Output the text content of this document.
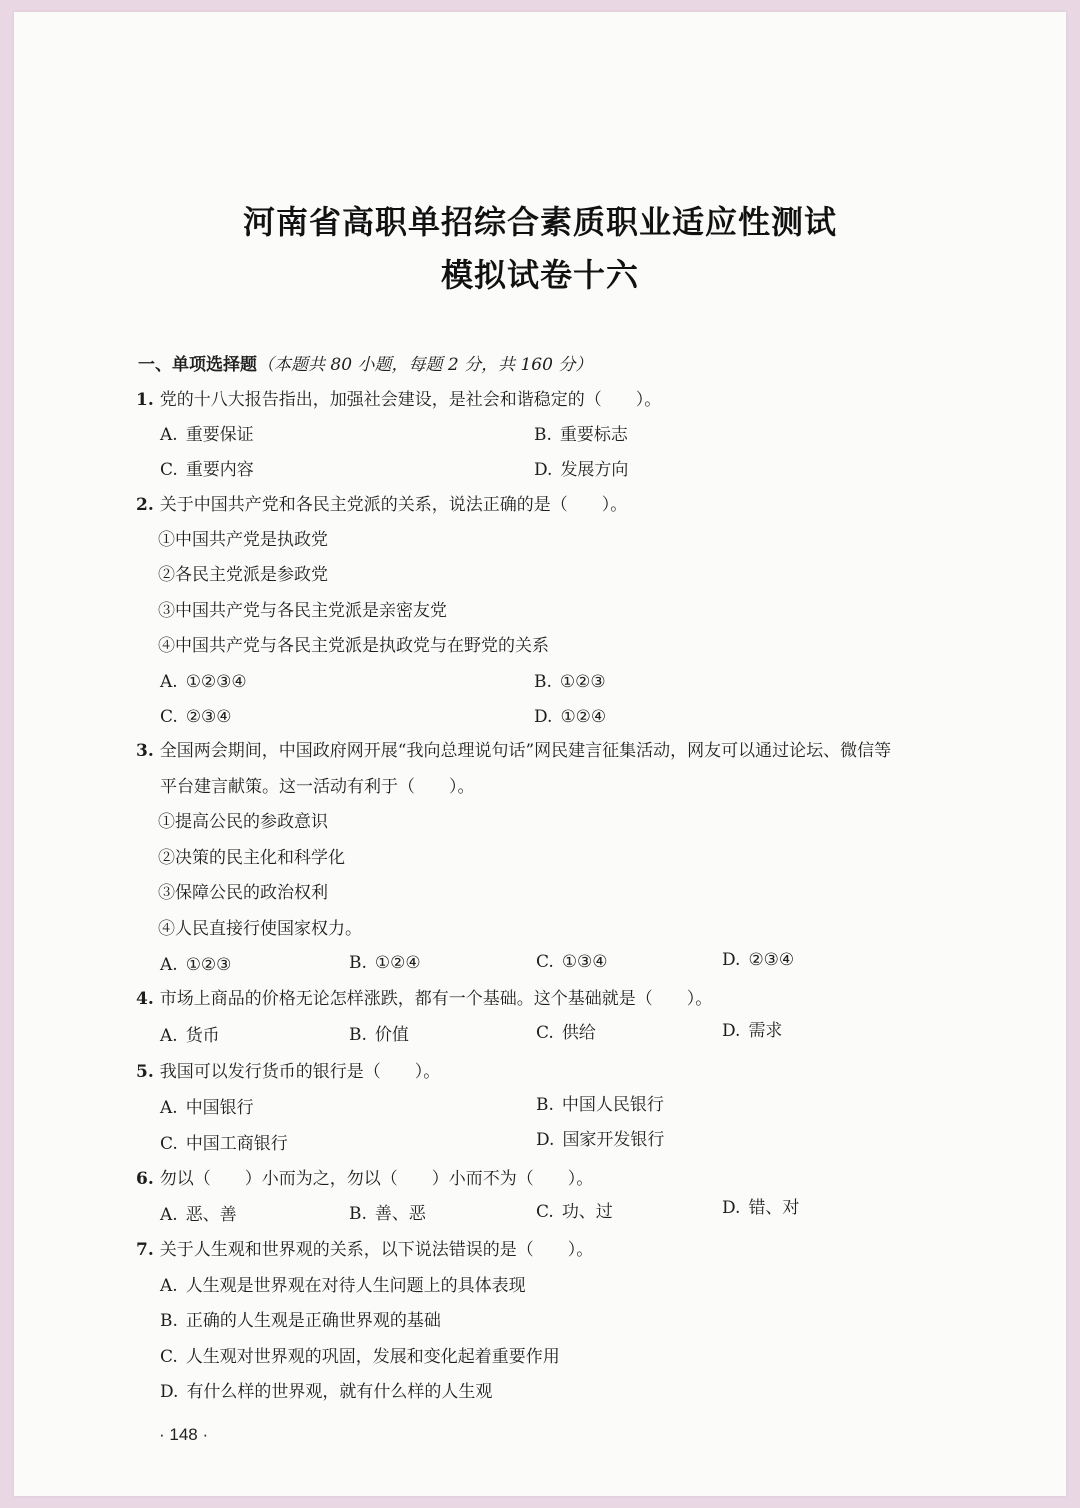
河南省高职单招综合素质职业适应性测试
模拟试卷十六
一、单项选择题（本题共 80 小题，每题 2 分，共 160 分）
1. 党的十八大报告指出，加强社会建设，是社会和谐稳定的（　　）。
A. 重要保证	B. 重要标志
C. 重要内容	D. 发展方向
2. 关于中国共产党和各民主党派的关系，说法正确的是（　　）。
①中国共产党是执政党
②各民主党派是参政党
③中国共产党与各民主党派是亲密友党
④中国共产党与各民主党派是执政党与在野党的关系
A. ①②③④	B. ①②③
C. ②③④	D. ①②④
3. 全国两会期间，中国政府网开展“我向总理说句话”网民建言征集活动，网友可以通过论坛、微信等
平台建言献策。这一活动有利于（　　）。
①提高公民的参政意识
②决策的民主化和科学化
③保障公民的政治权利
④人民直接行使国家权力。
A. ①②③	B. ①②④	C. ①③④	D. ②③④
4. 市场上商品的价格无论怎样涨跌，都有一个基础。这个基础就是（　　）。
A. 货币	B. 价值	C. 供给	D. 需求
5. 我国可以发行货币的银行是（　　）。
A. 中国银行	B. 中国人民银行
C. 中国工商银行	D. 国家开发银行
6. 勿以（　　）小而为之，勿以（　　）小而不为（　　）。
A. 恶、善	B. 善、恶	C. 功、过	D. 错、对
7. 关于人生观和世界观的关系，以下说法错误的是（　　）。
A. 人生观是世界观在对待人生问题上的具体表现
B. 正确的人生观是正确世界观的基础
C. 人生观对世界观的巩固，发展和变化起着重要作用
D. 有什么样的世界观，就有什么样的人生观
· 148 ·
